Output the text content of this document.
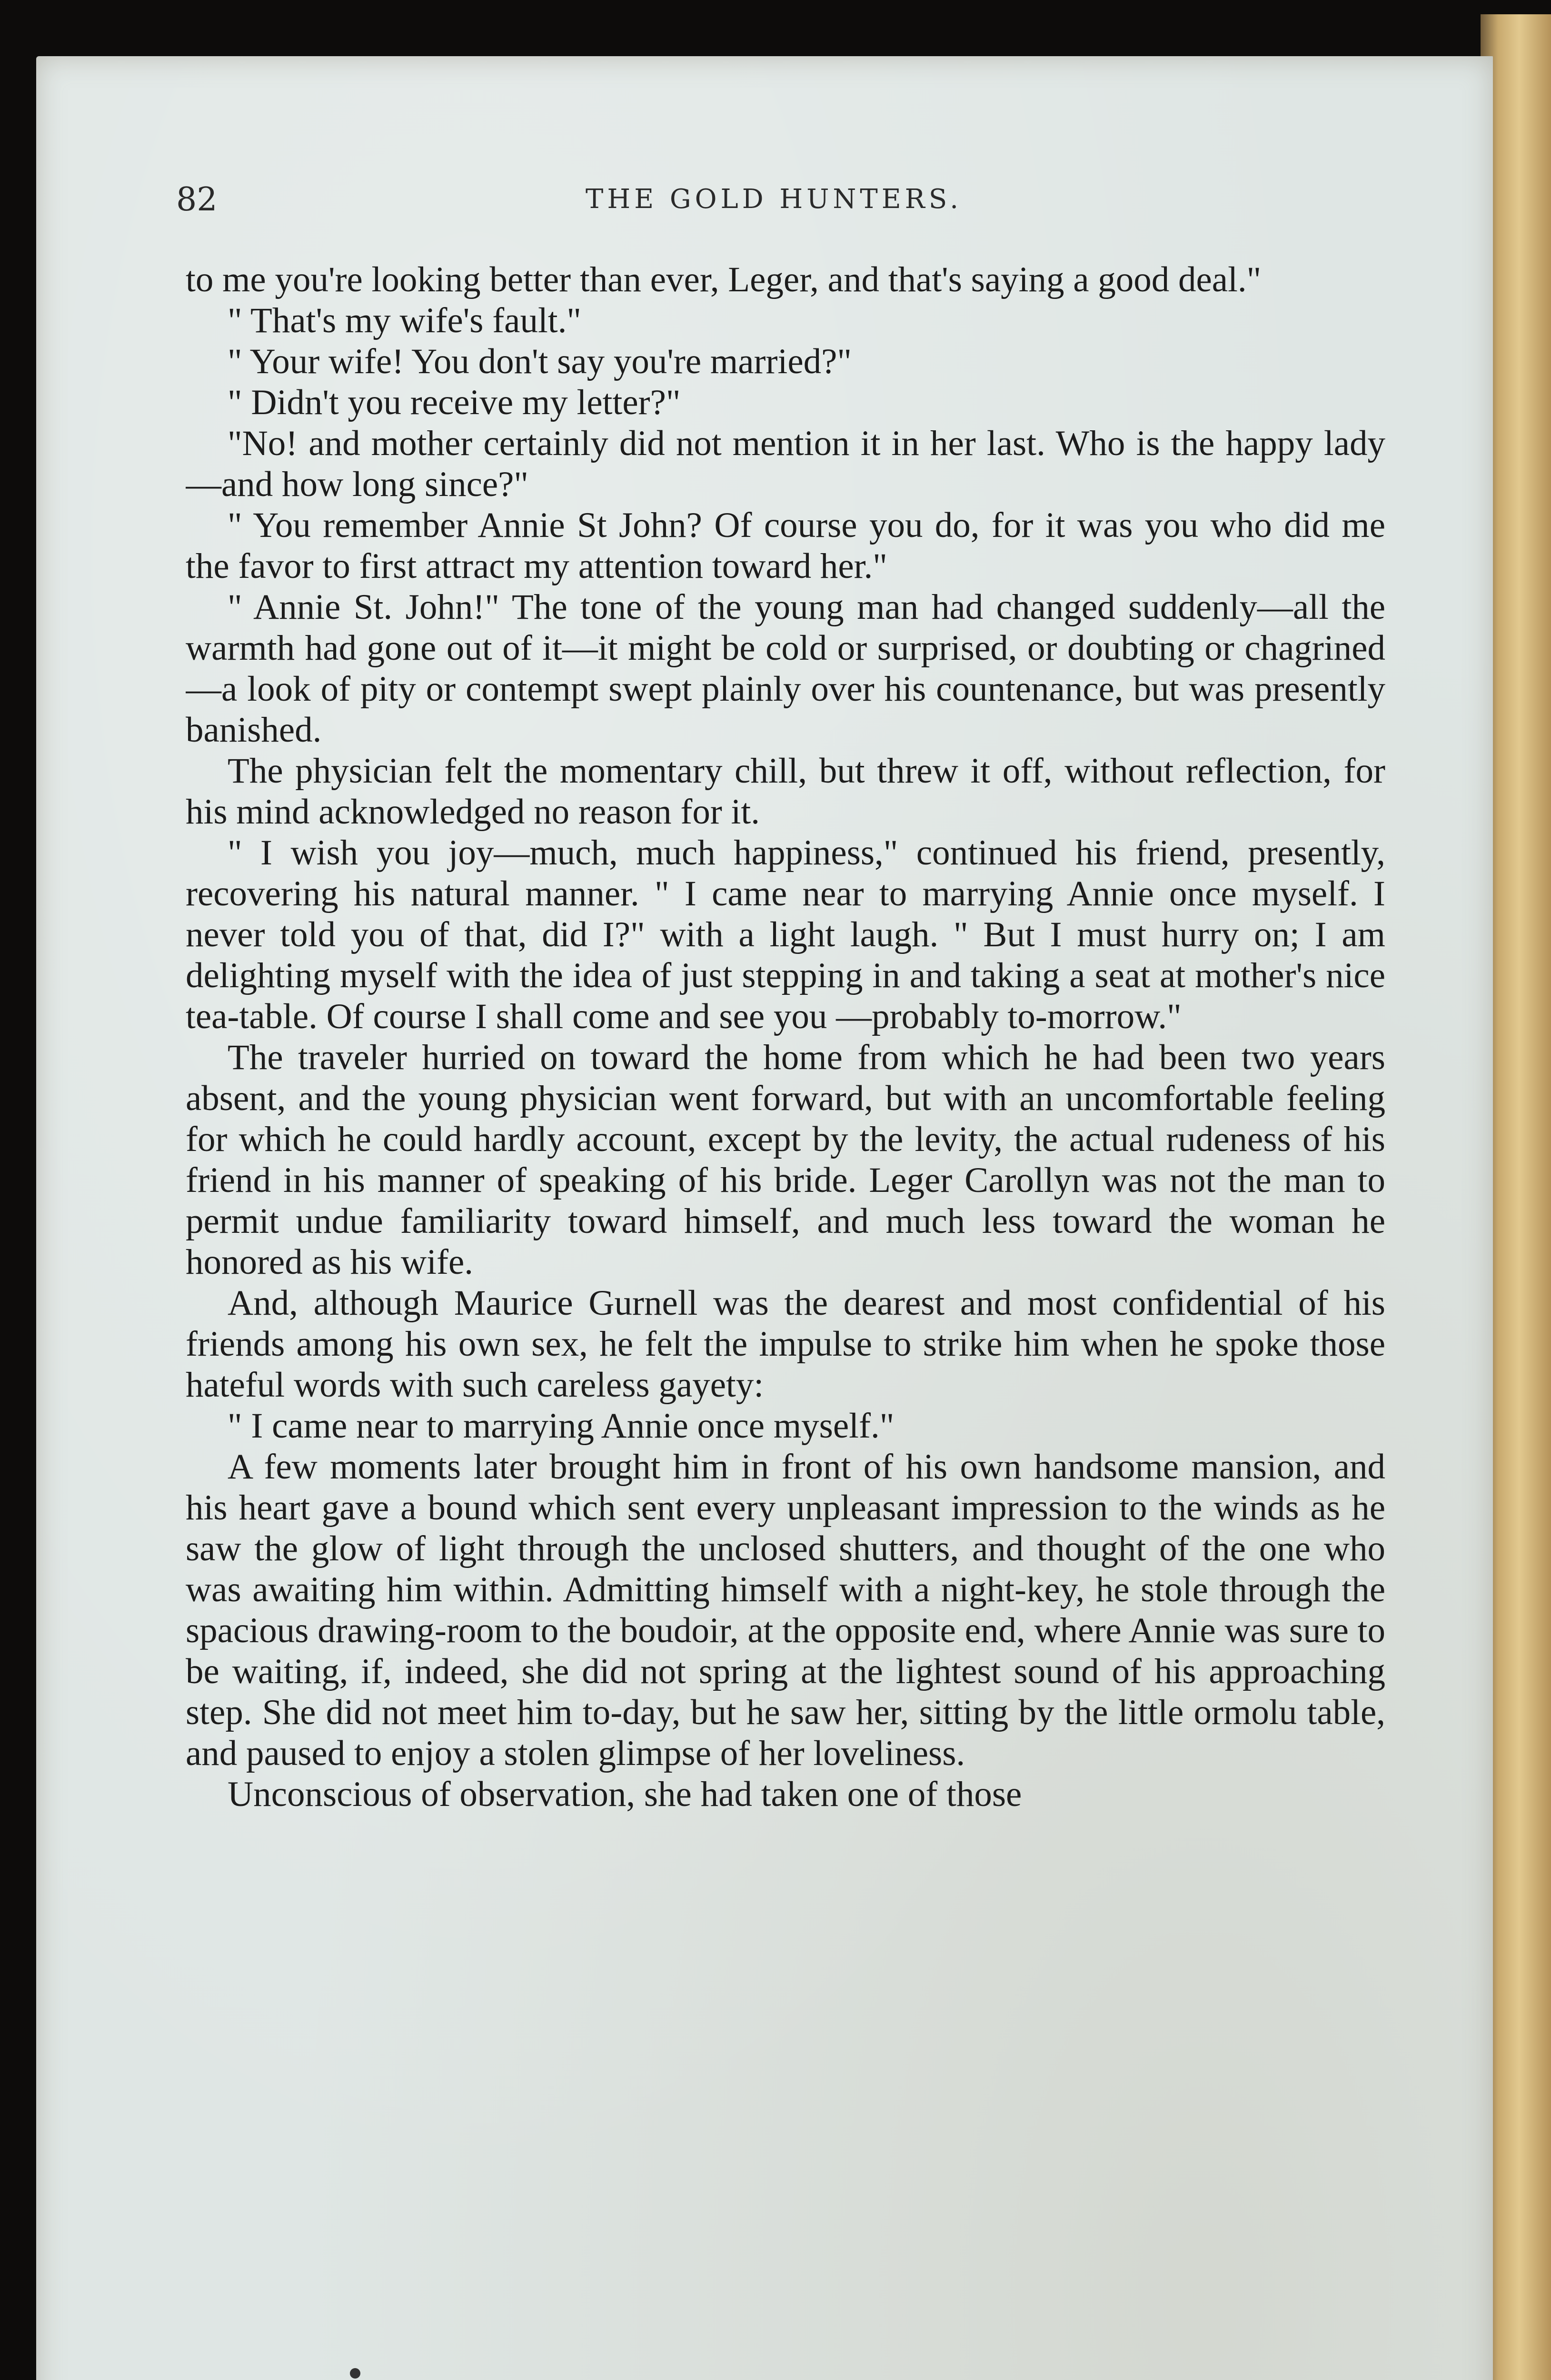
82	THE GOLD HUNTERS.

to me you're looking better than ever, Leger, and that's saying a good deal."

" That's my wife's fault."

" Your wife! You don't say you're married?"

" Didn't you receive my letter?"

"No! and mother certainly did not mention it in her last. Who is the happy lady—and how long since?"

" You remember Annie St John? Of course you do, for it was you who did me the favor to first attract my attention toward her."

" Annie St. John!" The tone of the young man had changed suddenly—all the warmth had gone out of it—it might be cold or surprised, or doubting or chagrined—a look of pity or contempt swept plainly over his countenance, but was presently banished.

The physician felt the momentary chill, but threw it off, without reflection, for his mind acknowledged no reason for it.

" I wish you joy—much, much happiness," continued his friend, presently, recovering his natural manner. " I came near to marrying Annie once myself. I never told you of that, did I?" with a light laugh. " But I must hurry on; I am delighting myself with the idea of just stepping in and taking a seat at mother's nice tea-table. Of course I shall come and see you —probably to-morrow."

The traveler hurried on toward the home from which he had been two years absent, and the young physician went forward, but with an uncomfortable feeling for which he could hardly account, except by the levity, the actual rudeness of his friend in his manner of speaking of his bride. Leger Carollyn was not the man to permit undue familiarity toward himself, and much less toward the woman he honored as his wife.

And, although Maurice Gurnell was the dearest and most confidential of his friends among his own sex, he felt the impulse to strike him when he spoke those hateful words with such careless gayety:

" I came near to marrying Annie once myself."

A few moments later brought him in front of his own handsome mansion, and his heart gave a bound which sent every unpleasant impression to the winds as he saw the glow of light through the unclosed shutters, and thought of the one who was awaiting him within. Admitting himself with a night-key, he stole through the spacious drawing-room to the boudoir, at the opposite end, where Annie was sure to be waiting, if, indeed, she did not spring at the lightest sound of his approaching step. She did not meet him to-day, but he saw her, sitting by the little ormolu table, and paused to enjoy a stolen glimpse of her loveliness.

Unconscious of observation, she had taken one of those
